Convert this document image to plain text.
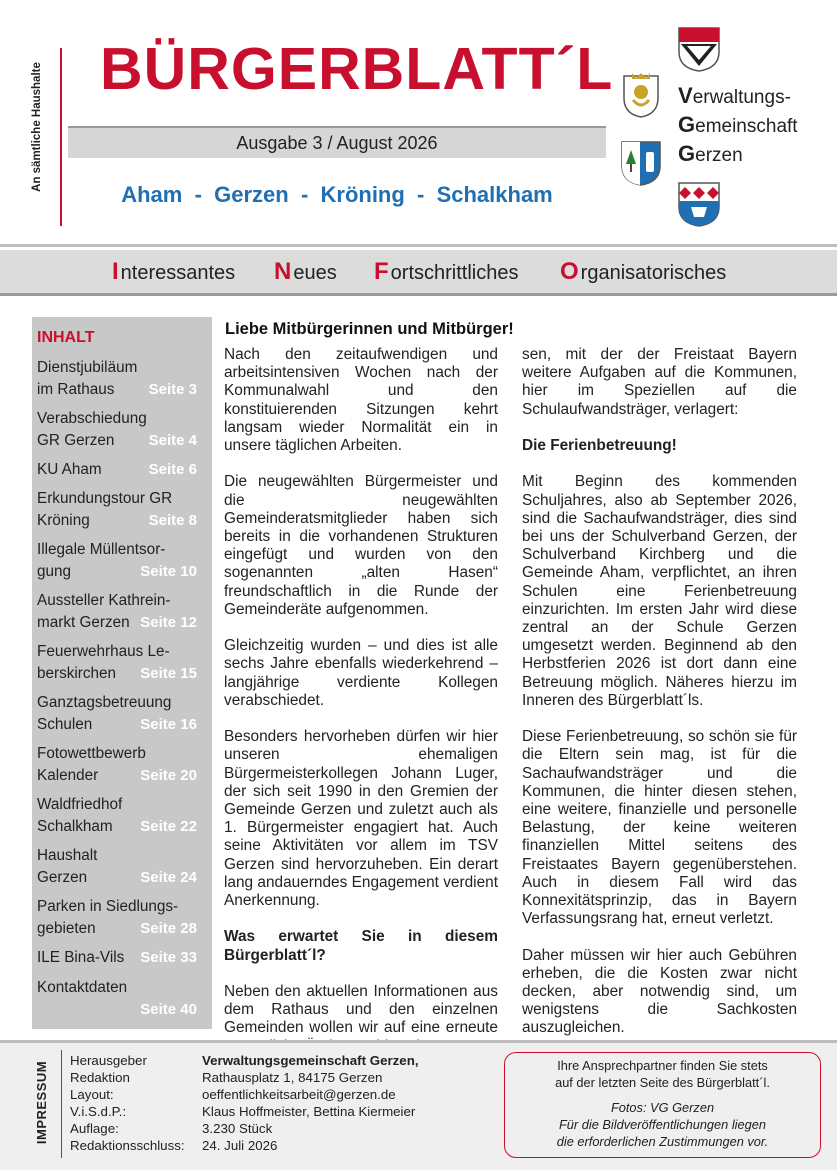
An sämtliche Haushalte BÜRGERBLATT´L
Ausgabe 3 / August 2026
Aham  -  Gerzen  -  Kröning  -  Schalkham
Verwaltungs-
Gemeinschaft
Gerzen
I nteressantes N eues F ortschrittliches O rganisatorisches
INHALT
Dienstjubiläum
im Rathaus	Seite 3
Verabschiedung
GR Gerzen	Seite 4
KU Aham	Seite 6
Erkundungstour GR
Kröning	Seite 8
Illegale Müllentsor-
gung	Seite 10
Aussteller Kathrein-
markt Gerzen Seite 12
Feuerwehrhaus Le-
berskirchen	Seite 15
Ganztagsbetreuung
Schulen	Seite 16
Fotowettbewerb
Kalender	Seite 20
Waldfriedhof
Schalkham	Seite 22
Haushalt
Gerzen	Seite 24
Parken in Siedlungs-
gebieten	Seite 28
ILE Bina-Vils	Seite 33
Kontaktdaten

Seite 40
Liebe Mitbürgerinnen und Mitbürger!

Nach den zeitaufwendigen und arbeitsintensiven Wochen nach der Kommunalwahl und den konstituierenden Sitzungen kehrt langsam wieder Normalität ein in unsere täglichen Arbeiten.

Die neugewählten Bürgermeister und die neugewählten Gemeinderatsmitglieder haben sich bereits in die vorhandenen Strukturen eingefügt und wurden von den sogenannten „alten Hasen“ freundschaftlich in die Runde der Gemeinderäte aufgenommen.

Gleichzeitig wurden – und dies ist alle sechs Jahre ebenfalls wiederkehrend – langjährige verdiente Kollegen verabschiedet.

Besonders hervorheben dürfen wir hier unseren ehemaligen Bürgermeisterkollegen Johann Luger, der sich seit 1990 in den Gremien der Gemeinde Gerzen und zuletzt auch als 1. Bürgermeister engagiert hat. Auch seine Aktivitäten vor allem im TSV Gerzen sind hervorzuheben. Ein derart lang andauerndes Engagement verdient Anerkennung.

Was erwartet Sie in diesem Bürgerblatt´l?

Neben den aktuellen Informationen aus dem Rathaus und den einzelnen Gemeinden wollen wir auf eine erneute

sen, mit der der Freistaat Bayern weitere Aufgaben auf die Kommunen, hier im Speziellen auf die Schulaufwandsträger, verlagert:

Die Ferienbetreuung!

Mit Beginn des kommenden Schuljahres, also ab September 2026, sind die Sachaufwandsträger, dies sind bei uns der Schulverband Gerzen, der Schulverband Kirchberg und die Gemeinde Aham, verpflichtet, an ihren Schulen eine Ferienbetreuung einzurichten. Im ersten Jahr wird diese zentral an der Schule Gerzen umgesetzt werden. Beginnend ab den Herbstferien 2026 ist dort dann eine Betreuung möglich. Näheres hierzu im Inneren des Bürgerblatt´ls.

Diese Ferienbetreuung, so schön sie für die Eltern sein mag, ist für die Sachaufwandsträger und die Kommunen, die hinter diesen stehen, eine weitere, finanzielle und personelle Belastung, der keine weiteren finanziellen Mittel seitens des Freistaates Bayern gegenüberstehen. Auch in diesem Fall wird das Konnexitätsprinzip, das in Bayern Verfassungsrang hat, erneut verletzt.

Daher müssen wir hier auch Gebühren erheben, die die Kosten zwar nicht decken, aber notwendig sind, um wenigstens die Sachkosten auszugleichen.

IMPRESSUM Herausgeber	Verwaltungsgemeinschaft Gerzen,
Redaktion	Rathausplatz 1, 84175 Gerzen
Layout:	oeffentlichkeitsarbeit@gerzen.de
V.i.S.d.P.:	Klaus Hoffmeister, Bettina Kiermeier
Auflage:	3.230 Stück
Redaktionsschluss: 24. Juli 2026
Ihre Ansprechpartner finden Sie stets
auf der letzten Seite des Bürgerblatt´l.
Fotos: VG Gerzen
Für die Bildveröffentlichungen liegen
die erforderlichen Zustimmungen vor.
